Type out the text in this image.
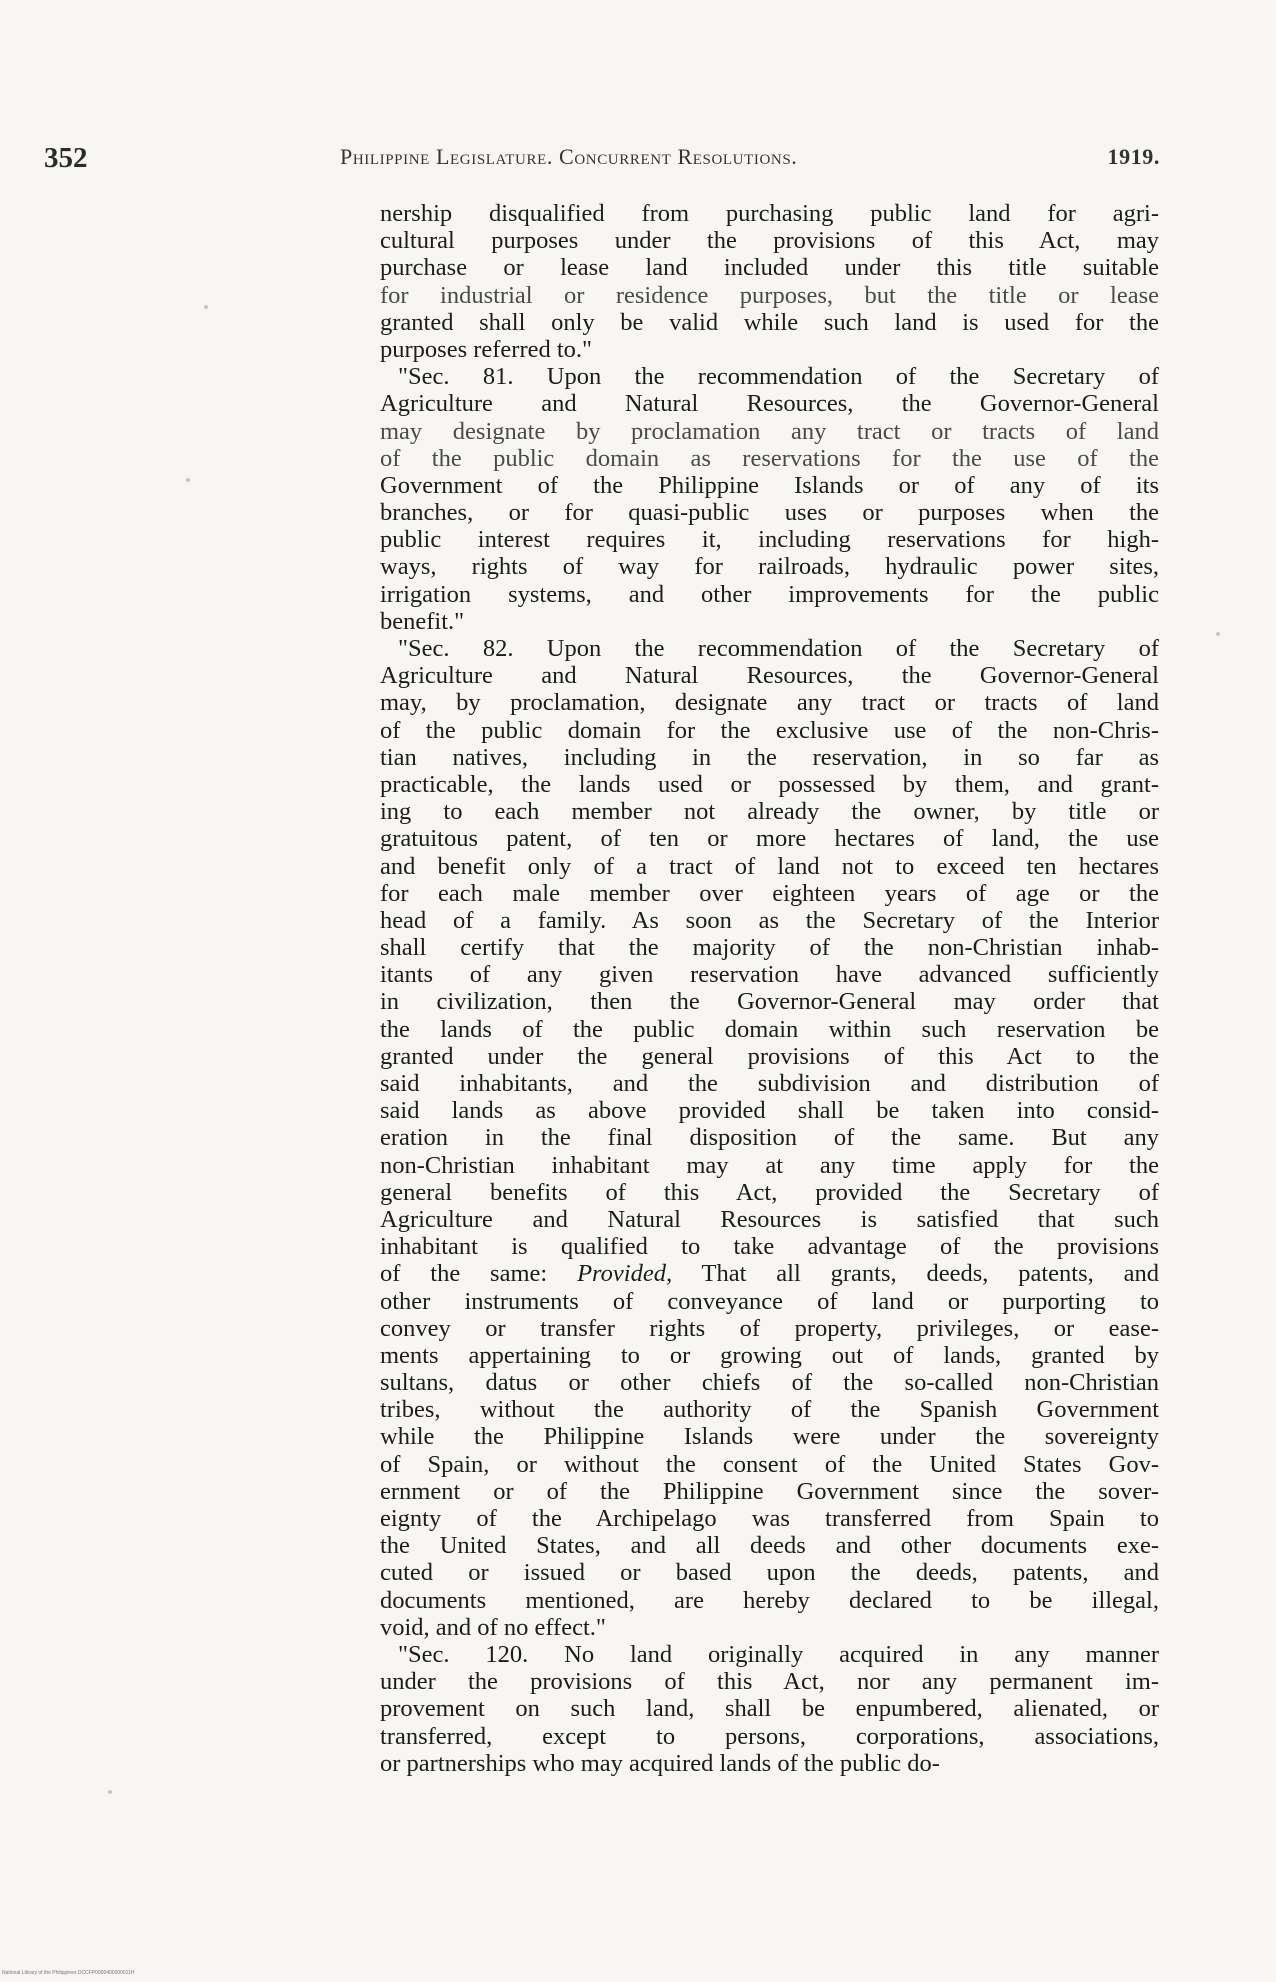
352	Philippine Legislature. Concurrent Resolutions.	1919.
nership disqualified from purchasing public land for agri-
cultural purposes under the provisions of this Act, may
purchase or lease land included under this title suitable
for industrial or residence purposes, but the title or lease
granted shall only be valid while such land is used for the
purposes referred to."
"Sec. 81. Upon the recommendation of the Secretary of
Agriculture and Natural Resources, the Governor-General
may designate by proclamation any tract or tracts of land
of the public domain as reservations for the use of the
Government of the Philippine Islands or of any of its
branches, or for quasi-public uses or purposes when the
public interest requires it, including reservations for high-
ways, rights of way for railroads, hydraulic power sites,
irrigation systems, and other improvements for the public
benefit."
"Sec. 82. Upon the recommendation of the Secretary of
Agriculture and Natural Resources, the Governor-General
may, by proclamation, designate any tract or tracts of land
of the public domain for the exclusive use of the non-Chris-
tian natives, including in the reservation, in so far as
practicable, the lands used or possessed by them, and grant-
ing to each member not already the owner, by title or
gratuitous patent, of ten or more hectares of land, the use
and benefit only of a tract of land not to exceed ten hectares
for each male member over eighteen years of age or the
head of a family. As soon as the Secretary of the Interior
shall certify that the majority of the non-Christian inhab-
itants of any given reservation have advanced sufficiently
in civilization, then the Governor-General may order that
the lands of the public domain within such reservation be
granted under the general provisions of this Act to the
said inhabitants, and the subdivision and distribution of
said lands as above provided shall be taken into consid-
eration in the final disposition of the same. But any
non-Christian inhabitant may at any time apply for the
general benefits of this Act, provided the Secretary of
Agriculture and Natural Resources is satisfied that such
inhabitant is qualified to take advantage of the provisions
of the same: Provided, That all grants, deeds, patents, and
other instruments of conveyance of land or purporting to
convey or transfer rights of property, privileges, or ease-
ments appertaining to or growing out of lands, granted by
sultans, datus or other chiefs of the so-called non-Christian
tribes, without the authority of the Spanish Government
while the Philippine Islands were under the sovereignty
of Spain, or without the consent of the United States Gov-
ernment or of the Philippine Government since the sover-
eignty of the Archipelago was transferred from Spain to
the United States, and all deeds and other documents exe-
cuted or issued or based upon the deeds, patents, and
documents mentioned, are hereby declared to be illegal,
void, and of no effect."
"Sec. 120. No land originally acquired in any manner
under the provisions of this Act, nor any permanent im-
provement on such land, shall be enpumbered, alienated, or
transferred, except to persons, corporations, associations,
or partnerships who may acquired lands of the public do-
National Library of the Philippines DCCFP0000400000011H
